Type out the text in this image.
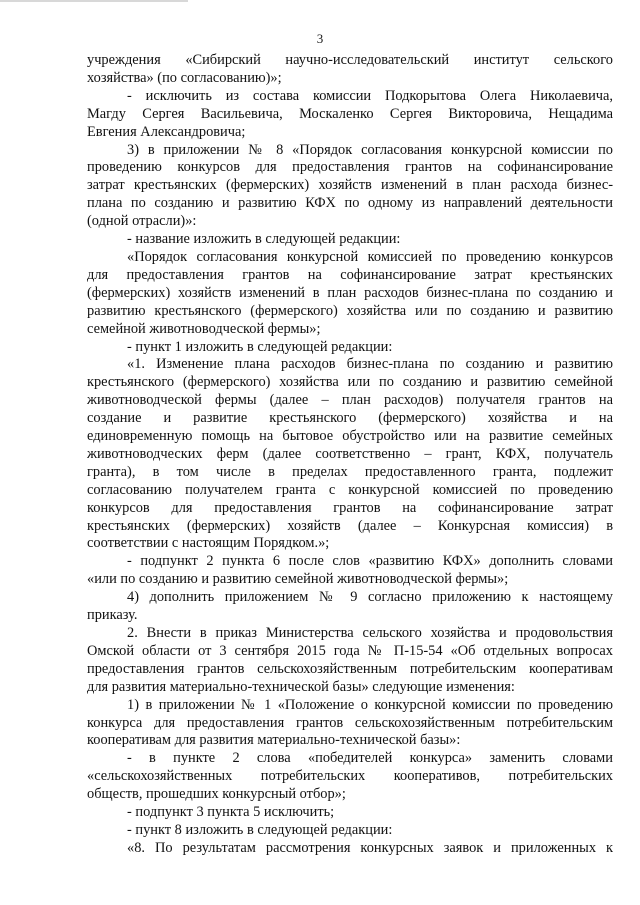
3
учреждения «Сибирский научно-исследовательский институт сельского
хозяйства» (по согласованию)»;
- исключить из состава комиссии Подкорытова Олега Николаевича,
Магду Сергея Васильевича, Москаленко Сергея Викторовича, Нещадима
Евгения Александровича;
3) в приложении № 8 «Порядок согласования конкурсной комиссии по
проведению конкурсов для предоставления грантов на софинансирование
затрат крестьянских (фермерских) хозяйств изменений в план расхода бизнес-
плана по созданию и развитию КФХ по одному из направлений деятельности
(одной отрасли)»:
- название изложить в следующей редакции:
«Порядок согласования конкурсной комиссией по проведению конкурсов
для предоставления грантов на софинансирование затрат крестьянских
(фермерских) хозяйств изменений в план расходов бизнес-плана по созданию и
развитию крестьянского (фермерского) хозяйства или по созданию и развитию
семейной животноводческой фермы»;
- пункт 1 изложить в следующей редакции:
«1. Изменение плана расходов бизнес-плана по созданию и развитию
крестьянского (фермерского) хозяйства или по созданию и развитию семейной
животноводческой фермы (далее – план расходов) получателя грантов на
создание и развитие крестьянского (фермерского) хозяйства и на
единовременную помощь на бытовое обустройство или на развитие семейных
животноводческих ферм (далее соответственно – грант, КФХ, получатель
гранта), в том числе в пределах предоставленного гранта, подлежит
согласованию получателем гранта с конкурсной комиссией по проведению
конкурсов для предоставления грантов на софинансирование затрат
крестьянских (фермерских) хозяйств (далее – Конкурсная комиссия) в
соответствии с настоящим Порядком.»;
- подпункт 2 пункта 6 после слов «развитию КФХ» дополнить словами
«или по созданию и развитию семейной животноводческой фермы»;
4) дополнить приложением № 9 согласно приложению к настоящему
приказу.
2. Внести в приказ Министерства сельского хозяйства и продовольствия
Омской области от 3 сентября 2015 года № П-15-54 «Об отдельных вопросах
предоставления грантов сельскохозяйственным потребительским кооперативам
для развития материально-технической базы» следующие изменения:
1) в приложении № 1 «Положение о конкурсной комиссии по проведению
конкурса для предоставления грантов сельскохозяйственным потребительским
кооперативам для развития материально-технической базы»:
- в пункте 2 слова «победителей конкурса» заменить словами
«сельскохозяйственных потребительских кооперативов, потребительских
обществ, прошедших конкурсный отбор»;
- подпункт 3 пункта 5 исключить;
- пункт 8 изложить в следующей редакции:
«8. По результатам рассмотрения конкурсных заявок и приложенных к
